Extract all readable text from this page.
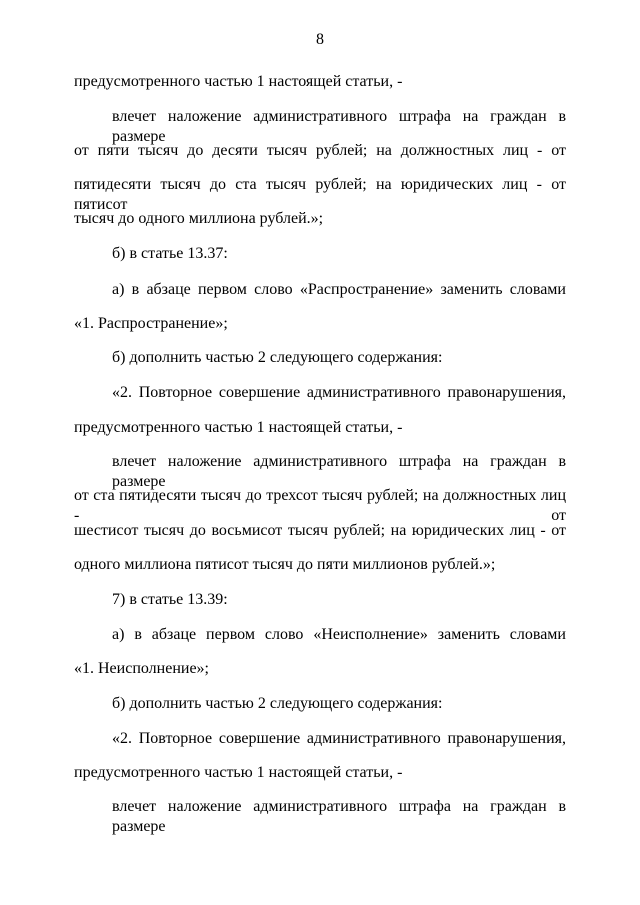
8
предусмотренного частью 1 настоящей статьи, -
влечет наложение административного штрафа на граждан в размере
от пяти тысяч до десяти тысяч рублей; на должностных лиц - от
пятидесяти тысяч до ста тысяч рублей; на юридических лиц - от пятисот
тысяч до одного миллиона рублей.»;
б) в статье 13.37:
а) в абзаце первом слово «Распространение» заменить словами
«1. Распространение»;
б) дополнить частью 2 следующего содержания:
«2. Повторное совершение административного правонарушения,
предусмотренного частью 1 настоящей статьи, -
влечет наложение административного штрафа на граждан в размере
от ста пятидесяти тысяч до трехсот тысяч рублей; на должностных лиц - от
шестисот тысяч до восьмисот тысяч рублей; на юридических лиц - от
одного миллиона пятисот тысяч до пяти миллионов рублей.»;
7) в статье 13.39:
а) в абзаце первом слово «Неисполнение» заменить словами
«1. Неисполнение»;
б) дополнить частью 2 следующего содержания:
«2. Повторное совершение административного правонарушения,
предусмотренного частью 1 настоящей статьи, -
влечет наложение административного штрафа на граждан в размере
